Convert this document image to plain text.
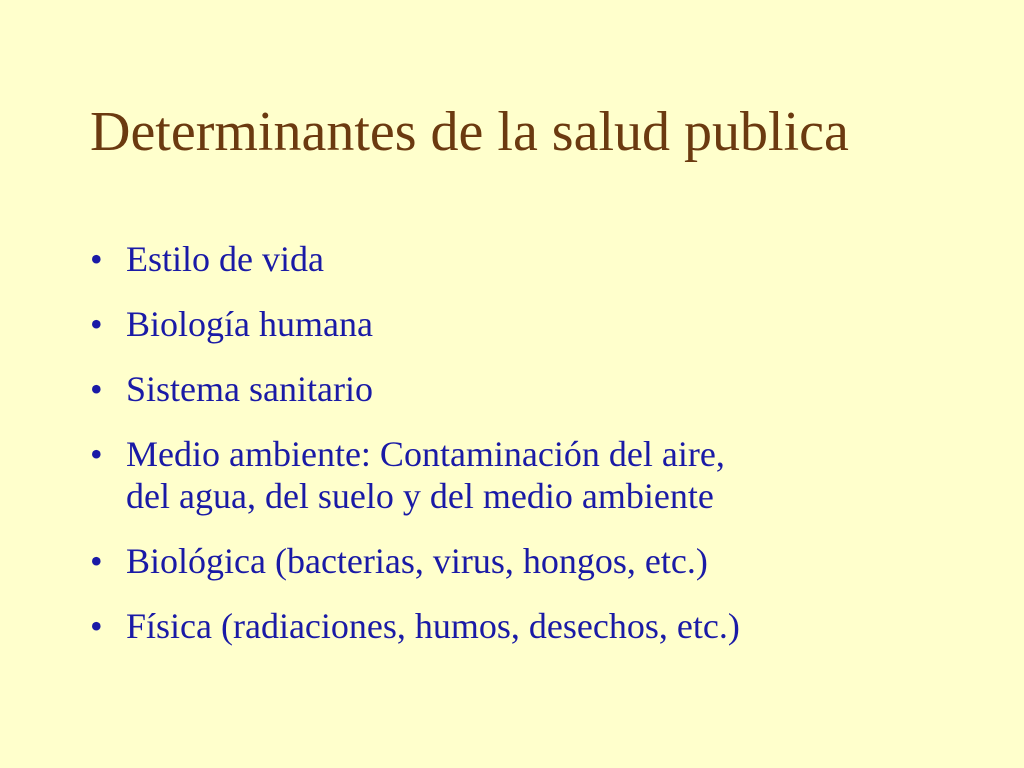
Determinantes de la salud publica
• Estilo de vida
• Biología humana
• Sistema sanitario
• Medio ambiente: Contaminación del aire,
del agua, del suelo y del medio ambiente
• Biológica (bacterias, virus, hongos, etc.)
• Física (radiaciones, humos, desechos, etc.)
